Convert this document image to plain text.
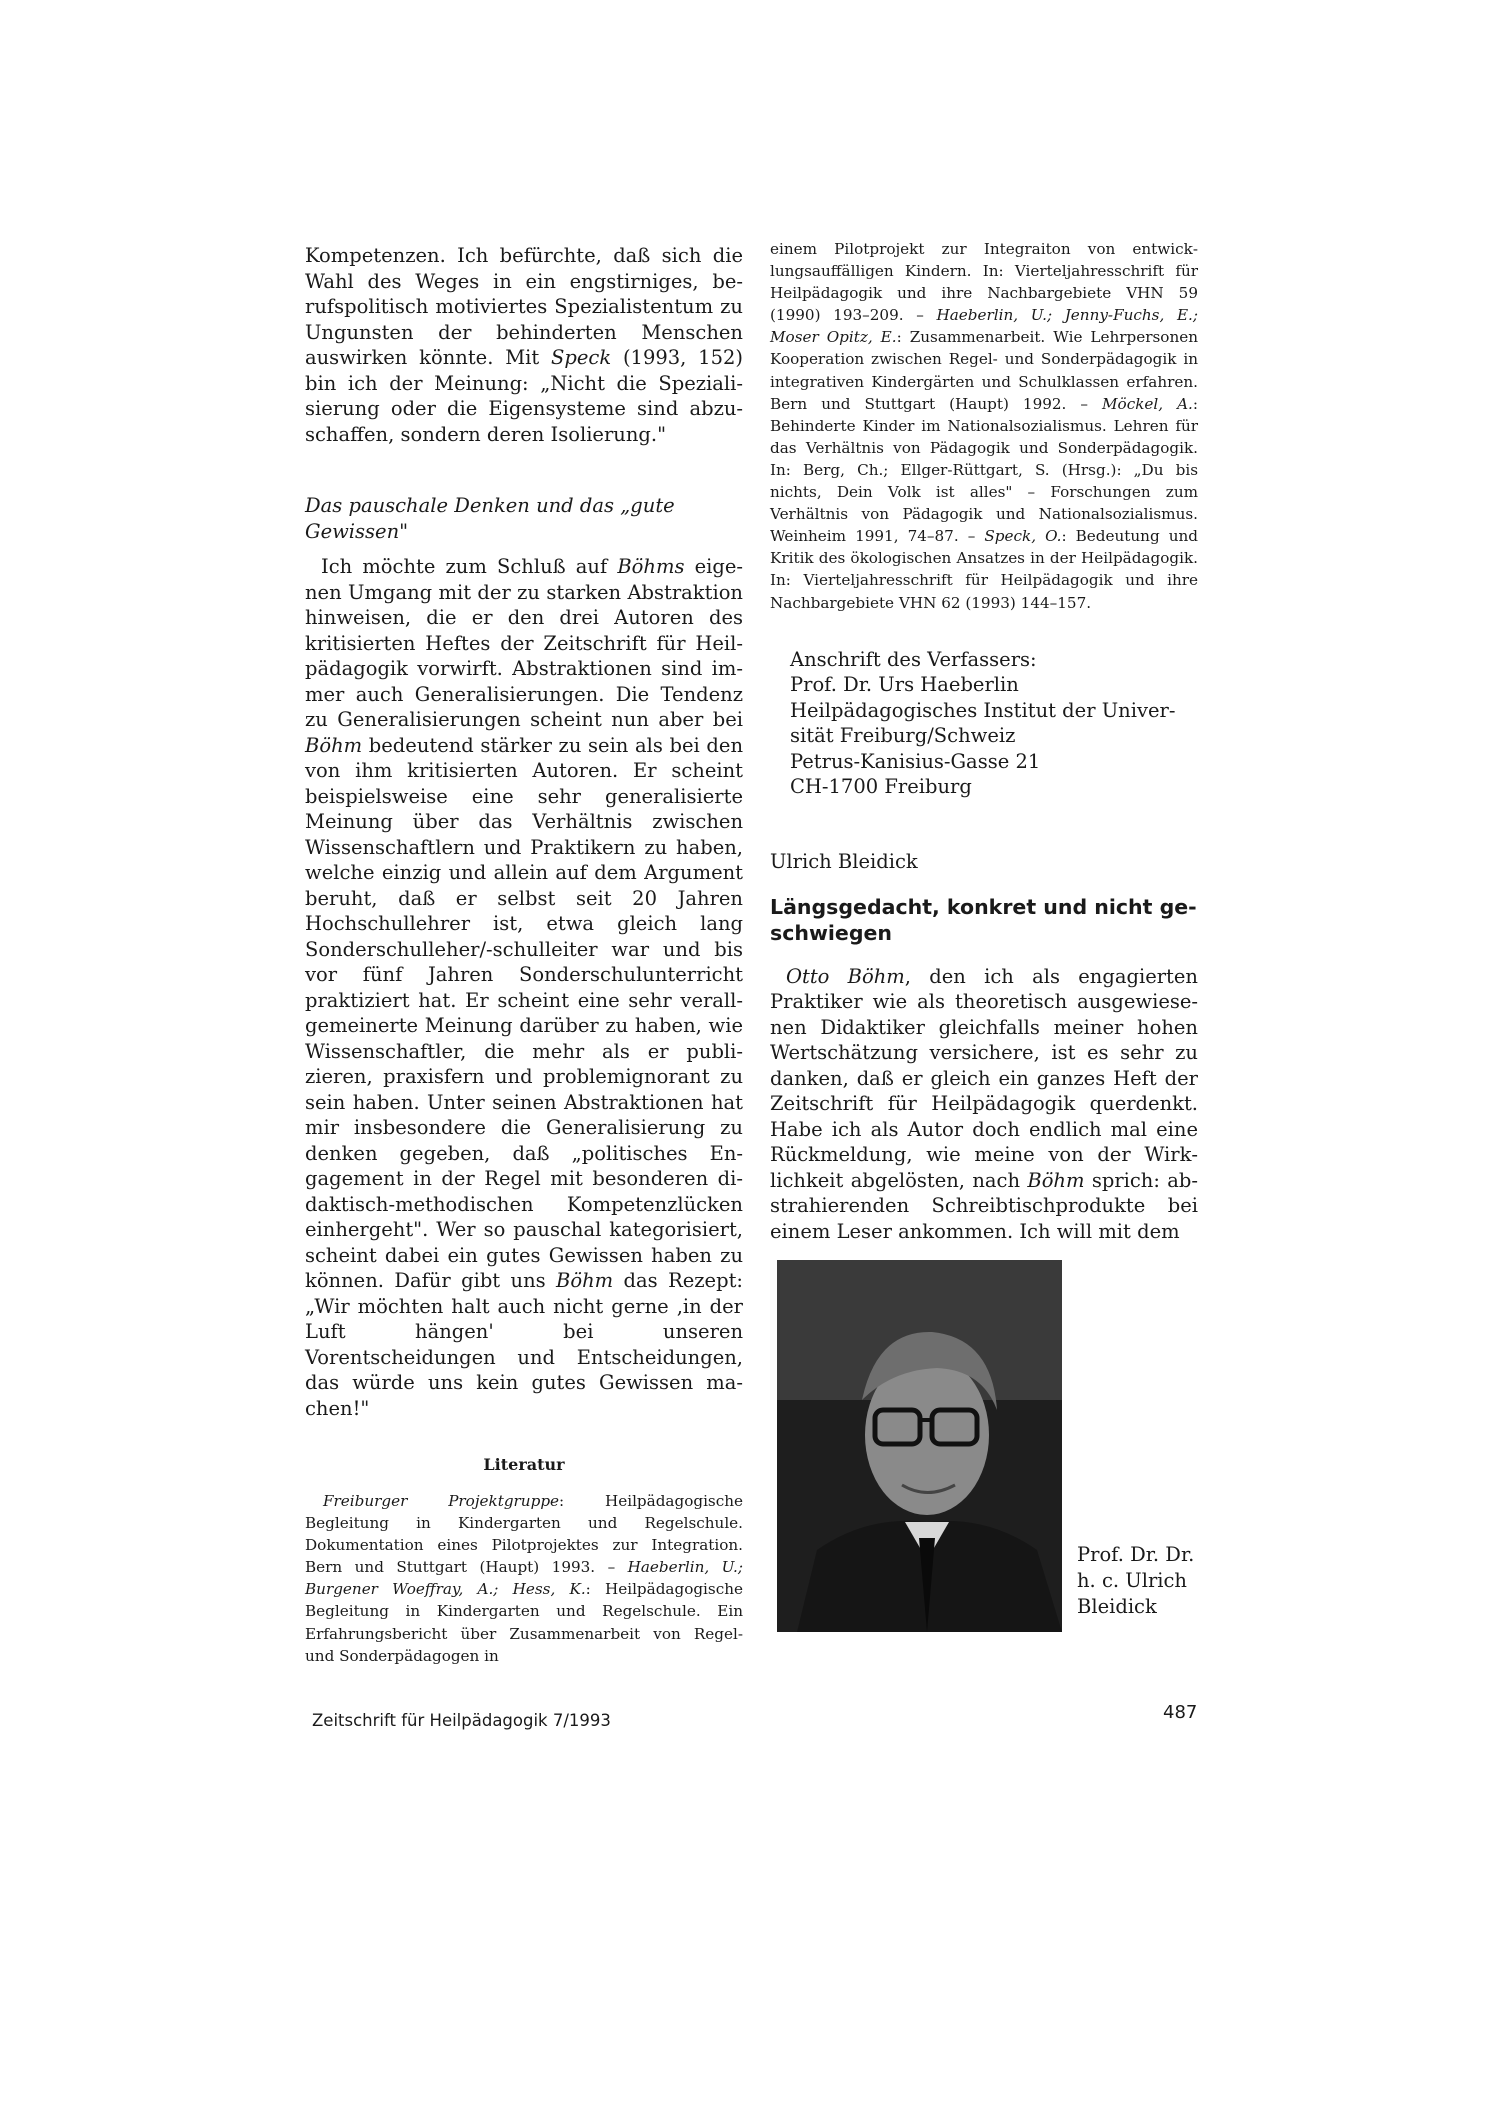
Kompetenzen. Ich befürchte, daß sich die Wahl des Weges in ein engstirniges, berufspolitisch motiviertes Spezialistentum zu Ungunsten der behinderten Menschen auswirken könnte. Mit Speck (1993, 152) bin ich der Meinung: „Nicht die Spezialisierung oder die Eigensysteme sind abzuschaffen, sondern deren Isolierung."

Das pauschale Denken und das „gute Gewissen"

Ich möchte zum Schluß auf Böhms eigenen Umgang mit der zu starken Abstraktion hinweisen, die er den drei Autoren des kritisierten Heftes der Zeitschrift für Heilpädagogik vorwirft. Abstraktionen sind immer auch Generalisierungen. Die Tendenz zu Generalisierungen scheint nun aber bei Böhm bedeutend stärker zu sein als bei den von ihm kritisierten Autoren. Er scheint beispielsweise eine sehr generalisierte Meinung über das Verhältnis zwischen Wissenschaftlern und Praktikern zu haben, welche einzig und allein auf dem Argument beruht, daß er selbst seit 20 Jahren Hochschullehrer ist, etwa gleich lang Sonderschulleher/-schulleiter war und bis vor fünf Jahren Sonderschulunterricht praktiziert hat. Er scheint eine sehr verallgemeinerte Meinung darüber zu haben, wie Wissenschaftler, die mehr als er publizieren, praxisfern und problemignorant zu sein haben. Unter seinen Abstraktionen hat mir insbesondere die Generalisierung zu denken gegeben, daß „politisches Engagement in der Regel mit besonderen didaktisch-methodischen Kompetenzlücken einhergeht". Wer so pauschal kategorisiert, scheint dabei ein gutes Gewissen haben zu können. Dafür gibt uns Böhm das Rezept: „Wir möchten halt auch nicht gerne ‚in der Luft hängen' bei unseren Vorentscheidungen und Entscheidungen, das würde uns kein gutes Gewissen machen!"

Literatur

Freiburger Projektgruppe: Heilpädagogische Begleitung in Kindergarten und Regelschule. Dokumentation eines Pilotprojektes zur Integration. Bern und Stuttgart (Haupt) 1993. – Haeberlin, U.; Burgener Woeffray, A.; Hess, K.: Heilpädagogische Begleitung in Kindergarten und Regelschule. Ein Erfahrungsbericht über Zusammenarbeit von Regel- und Sonderpädagogen in

einem Pilotprojekt zur Integraiton von entwicklungsauffälligen Kindern. In: Vierteljahresschrift für Heilpädagogik und ihre Nachbargebiete VHN 59 (1990) 193–209. – Haeberlin, U.; Jenny-Fuchs, E.; Moser Opitz, E.: Zusammenarbeit. Wie Lehrpersonen Kooperation zwischen Regel- und Sonderpädagogik in integrativen Kindergärten und Schulklassen erfahren. Bern und Stuttgart (Haupt) 1992. – Möckel, A.: Behinderte Kinder im Nationalsozialismus. Lehren für das Verhältnis von Pädagogik und Sonderpädagogik. In: Berg, Ch.; Ellger-Rüttgart, S. (Hrsg.): „Du bis nichts, Dein Volk ist alles" – Forschungen zum Verhältnis von Pädagogik und Nationalsozialismus. Weinheim 1991, 74–87. – Speck, O.: Bedeutung und Kritik des ökologischen Ansatzes in der Heilpädagogik. In: Vierteljahresschrift für Heilpädagogik und ihre Nachbargebiete VHN 62 (1993) 144–157.

Anschrift des Verfassers:
Prof. Dr. Urs Haeberlin
Heilpädagogisches Institut der Universität Freiburg/Schweiz
Petrus-Kanisius-Gasse 21
CH-1700 Freiburg
Ulrich Bleidick
Längsgedacht, konkret und nicht geschwiegen

Otto Böhm, den ich als engagierten Praktiker wie als theoretisch ausgewiesenen Didaktiker gleichfalls meiner hohen Wertschätzung versichere, ist es sehr zu danken, daß er gleich ein ganzes Heft der Zeitschrift für Heilpädagogik querdenkt. Habe ich als Autor doch endlich mal eine Rückmeldung, wie meine von der Wirklichkeit abgelösten, nach Böhm sprich: abstrahierenden Schreibtischprodukte bei einem Leser ankommen. Ich will mit dem

Prof. Dr. Dr. h. c. Ulrich Bleidick
Zeitschrift für Heilpädagogik 7/1993	487
